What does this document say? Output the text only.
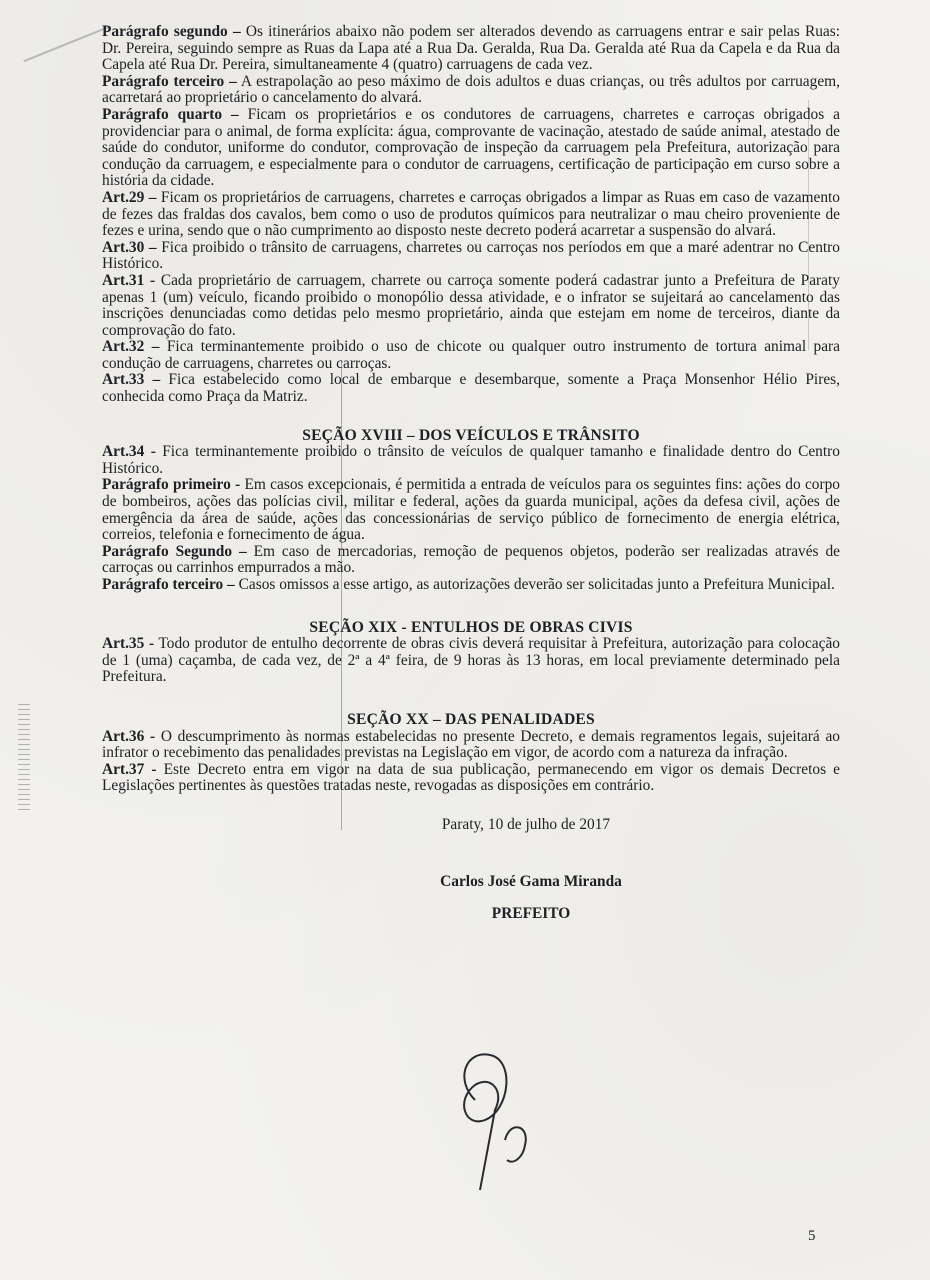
Parágrafo segundo – Os itinerários abaixo não podem ser alterados devendo as carruagens entrar e sair pelas Ruas: Dr. Pereira, seguindo sempre as Ruas da Lapa até a Rua Da. Geralda, Rua Da. Geralda até Rua da Capela e da Rua da Capela até Rua Dr. Pereira, simultaneamente 4 (quatro) carruagens de cada vez.

Parágrafo terceiro – A estrapolação ao peso máximo de dois adultos e duas crianças, ou três adultos por carruagem, acarretará ao proprietário o cancelamento do alvará.

Parágrafo quarto – Ficam os proprietários e os condutores de carruagens, charretes e carroças obrigados a providenciar para o animal, de forma explícita: água, comprovante de vacinação, atestado de saúde animal, atestado de saúde do condutor, uniforme do condutor, comprovação de inspeção da carruagem pela Prefeitura, autorização para condução da carruagem, e especialmente para o condutor de carruagens, certificação de participação em curso sobre a história da cidade.

Art.29 – Ficam os proprietários de carruagens, charretes e carroças obrigados a limpar as Ruas em caso de vazamento de fezes das fraldas dos cavalos, bem como o uso de produtos químicos para neutralizar o mau cheiro proveniente de fezes e urina, sendo que o não cumprimento ao disposto neste decreto poderá acarretar a suspensão do alvará.

Art.30 – Fica proibido o trânsito de carruagens, charretes ou carroças nos períodos em que a maré adentrar no Centro Histórico.

Art.31 - Cada proprietário de carruagem, charrete ou carroça somente poderá cadastrar junto a Prefeitura de Paraty apenas 1 (um) veículo, ficando proibido o monopólio dessa atividade, e o infrator se sujeitará ao cancelamento das inscrições denunciadas como detidas pelo mesmo proprietário, ainda que estejam em nome de terceiros, diante da comprovação do fato.

Art.32 – Fica terminantemente proibido o uso de chicote ou qualquer outro instrumento de tortura animal para condução de carruagens, charretes ou carroças.

Art.33 – Fica estabelecido como local de embarque e desembarque, somente a Praça Monsenhor Hélio Pires, conhecida como Praça da Matriz.

SEÇÃO XVIII – DOS VEÍCULOS E TRÂNSITO

Art.34 - Fica terminantemente proibido o trânsito de veículos de qualquer tamanho e finalidade dentro do Centro Histórico.

Parágrafo primeiro - Em casos excepcionais, é permitida a entrada de veículos para os seguintes fins: ações do corpo de bombeiros, ações das polícias civil, militar e federal, ações da guarda municipal, ações da defesa civil, ações de emergência da área de saúde, ações das concessionárias de serviço público de fornecimento de energia elétrica, correios, telefonia e fornecimento de água.

Parágrafo Segundo – Em caso de mercadorias, remoção de pequenos objetos, poderão ser realizadas através de carroças ou carrinhos empurrados a mão.

Parágrafo terceiro – Casos omissos a esse artigo, as autorizações deverão ser solicitadas junto a Prefeitura Municipal.

SEÇÃO XIX - ENTULHOS DE OBRAS CIVIS

Art.35 - Todo produtor de entulho decorrente de obras civis deverá requisitar à Prefeitura, autorização para colocação de 1 (uma) caçamba, de cada vez, de 2ª a 4ª feira, de 9 horas às 13 horas, em local previamente determinado pela Prefeitura.

SEÇÃO XX – DAS PENALIDADES

Art.36 - O descumprimento às normas estabelecidas no presente Decreto, e demais regramentos legais, sujeitará ao infrator o recebimento das penalidades previstas na Legislação em vigor, de acordo com a natureza da infração.

Art.37 - Este Decreto entra em vigor na data de sua publicação, permanecendo em vigor os demais Decretos e Legislações pertinentes às questões tratadas neste, revogadas as disposições em contrário.

Paraty, 10 de julho de 2017

Carlos José Gama Miranda

PREFEITO

5
